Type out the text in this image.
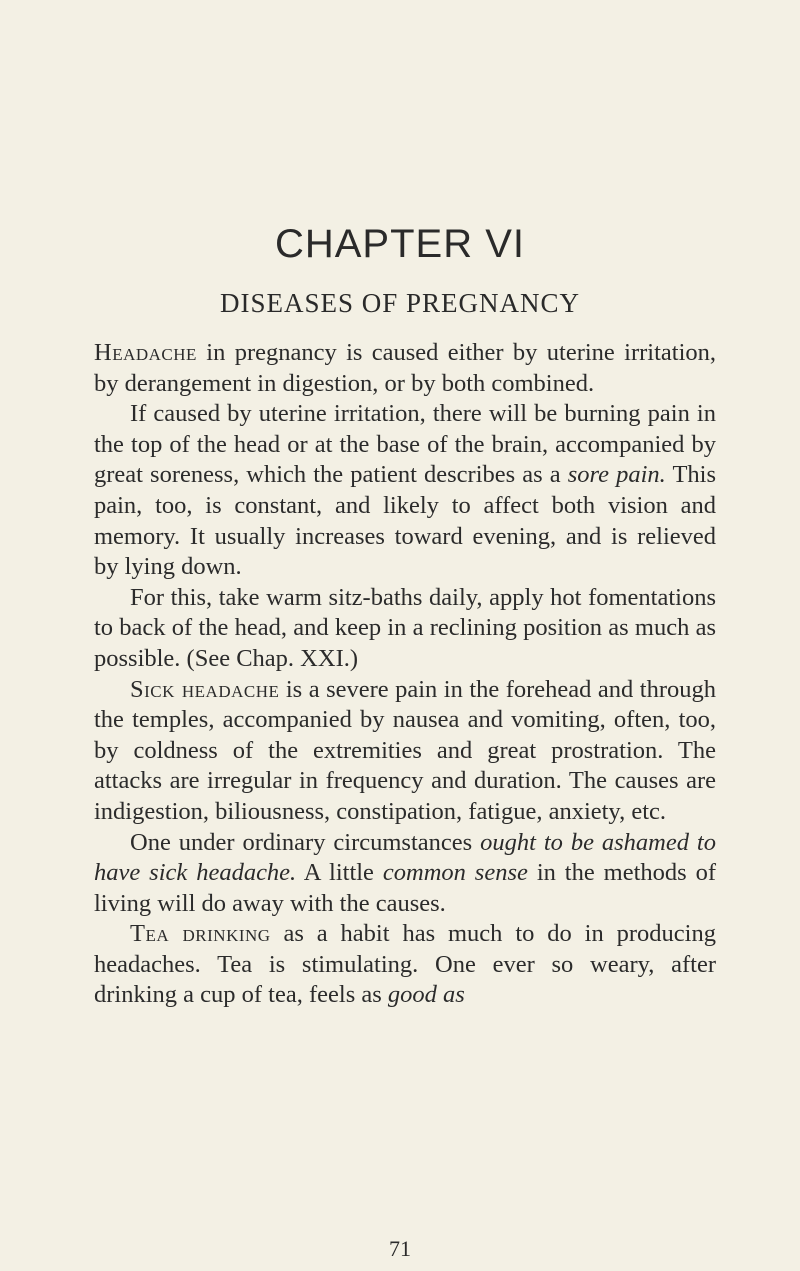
CHAPTER VI
DISEASES OF PREGNANCY

Headache in pregnancy is caused either by uterine irritation, by derangement in digestion, or by both combined.

If caused by uterine irritation, there will be burning pain in the top of the head or at the base of the brain, accompanied by great soreness, which the patient describes as a sore pain. This pain, too, is constant, and likely to affect both vision and memory. It usually increases toward evening, and is relieved by lying down.

For this, take warm sitz-baths daily, apply hot fomentations to back of the head, and keep in a reclining position as much as possible. (See Chap. XXI.)

Sick headache is a severe pain in the forehead and through the temples, accompanied by nausea and vomiting, often, too, by coldness of the extremities and great prostration. The attacks are irregular in frequency and duration. The causes are indigestion, biliousness, constipation, fatigue, anxiety, etc.

One under ordinary circumstances ought to be ashamed to have sick headache. A little common sense in the methods of living will do away with the causes.

Tea drinking as a habit has much to do in producing headaches. Tea is stimulating. One ever so weary, after drinking a cup of tea, feels as good as

71
